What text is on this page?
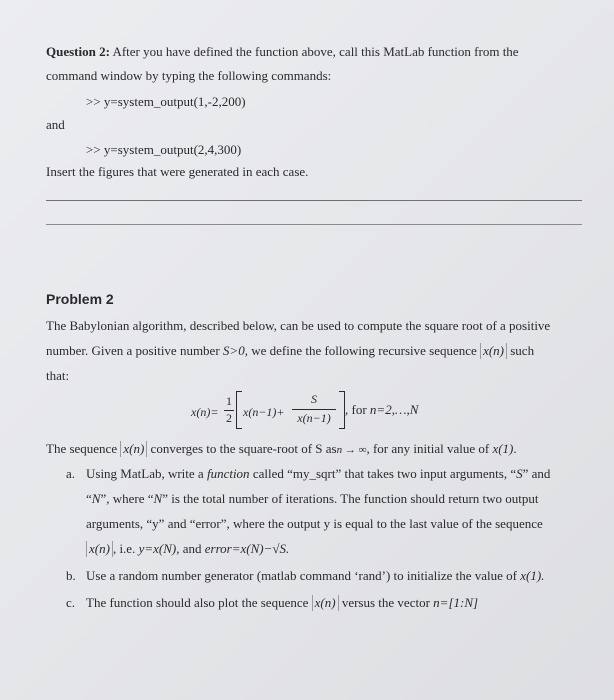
Question 2: After you have defined the function above, call this MatLab function from the
command window by typing the following commands:
>> y=system_output(1,-2,200)
and
>> y=system_output(2,4,300)
Insert the figures that were generated in each case.
Problem 2
The Babylonian algorithm, described below, can be used to compute the square root of a positive
number. Given a positive number S>0, we define the following recursive sequence x(n) such
that:
x(n)=
1
2 x(n−1)+
S
x(n−1)
, for n=2,…,N
The sequence x(n) converges to the square-root of S asn → ∞, for any initial value of x(1).
a. Using MatLab, write a function called “my_sqrt” that takes two input arguments, “S” and
“N”, where “N” is the total number of iterations. The function should return two output
arguments, “y” and “error”, where the output y is equal to the last value of the sequence
x(n) , i.e. y=x(N), and error=x(N)−√S.
b. Use a random number generator (matlab command ‘rand’) to initialize the value of x(1).
c. The function should also plot the sequence x(n) versus the vector n=[1:N]
